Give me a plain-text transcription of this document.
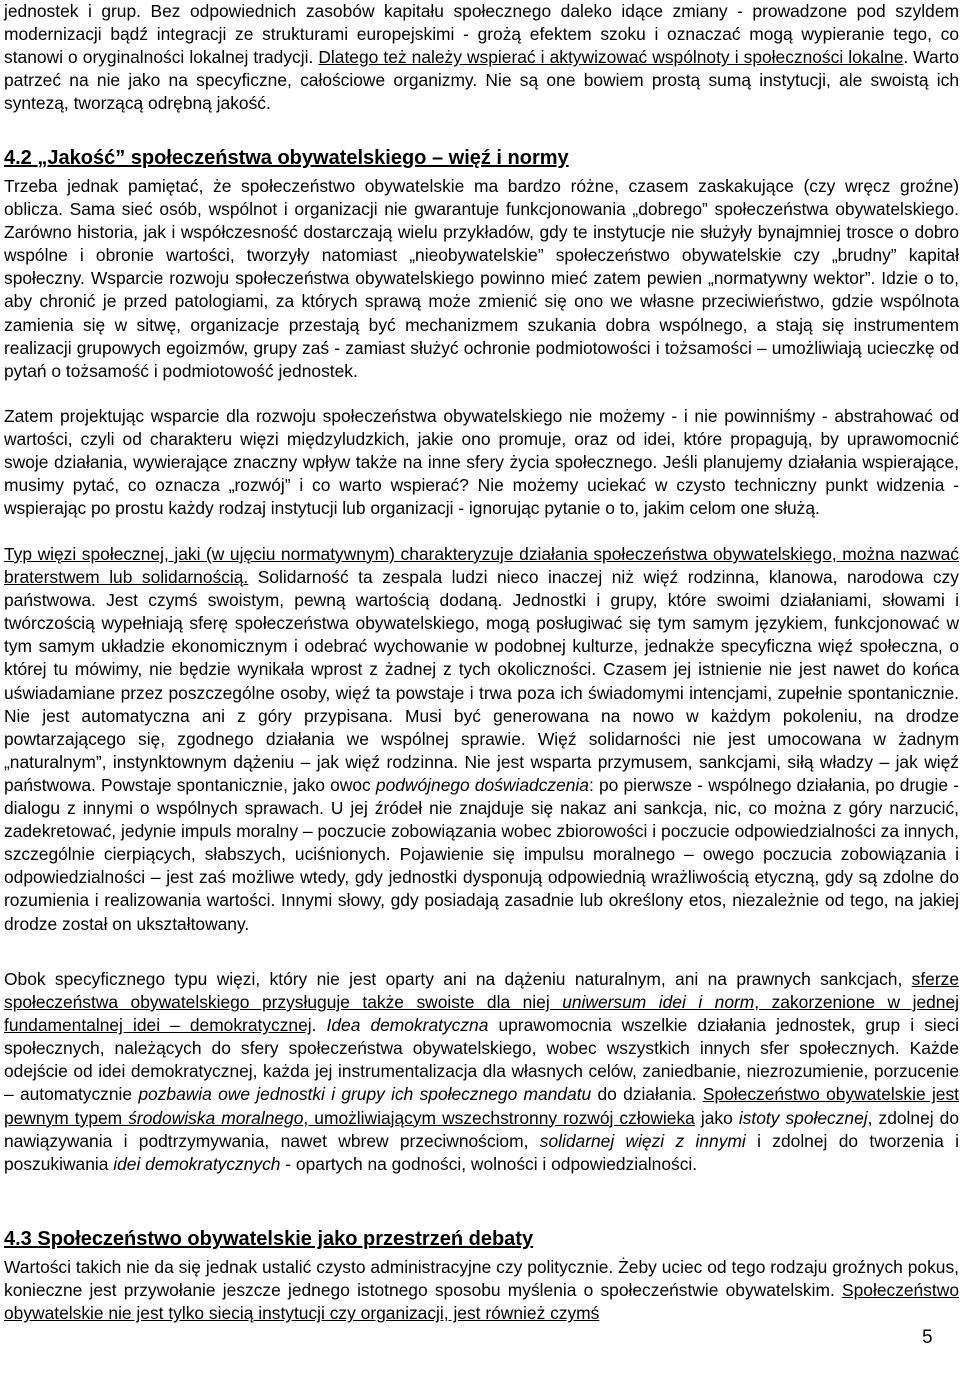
jednostek i grup. Bez odpowiednich zasobów kapitału społecznego daleko idące zmiany - prowadzone pod szyldem modernizacji bądź integracji ze strukturami europejskimi - grożą efektem szoku i oznaczać mogą wypieranie tego, co stanowi o oryginalności lokalnej tradycji. Dlatego też należy wspierać i aktywizować wspólnoty i społeczności lokalne. Warto patrzeć na nie jako na specyficzne, całościowe organizmy. Nie są one bowiem prostą sumą instytucji, ale swoistą ich syntezą, tworzącą odrębną jakość.

4.2 „Jakość” społeczeństwa obywatelskiego – więź i normy

Trzeba jednak pamiętać, że społeczeństwo obywatelskie ma bardzo różne, czasem zaskakujące (czy wręcz groźne) oblicza. Sama sieć osób, wspólnot i organizacji nie gwarantuje funkcjonowania „dobrego” społeczeństwa obywatelskiego. Zarówno historia, jak i współczesność dostarczają wielu przykładów, gdy te instytucje nie służyły bynajmniej trosce o dobro wspólne i obronie wartości, tworzyły natomiast „nieobywatelskie” społeczeństwo obywatelskie czy „brudny” kapitał społeczny. Wsparcie rozwoju społeczeństwa obywatelskiego powinno mieć zatem pewien „normatywny wektor”. Idzie o to, aby chronić je przed patologiami, za których sprawą może zmienić się ono we własne przeciwieństwo, gdzie wspólnota zamienia się w sitwę, organizacje przestają być mechanizmem szukania dobra wspólnego, a stają się instrumentem realizacji grupowych egoizmów, grupy zaś - zamiast służyć ochronie podmiotowości i tożsamości – umożliwiają ucieczkę od pytań o tożsamość i podmiotowość jednostek.

Zatem projektując wsparcie dla rozwoju społeczeństwa obywatelskiego nie możemy - i nie powinniśmy - abstrahować od wartości, czyli od charakteru więzi międzyludzkich, jakie ono promuje, oraz od idei, które propagują, by uprawomocnić swoje działania, wywierające znaczny wpływ także na inne sfery życia społecznego. Jeśli planujemy działania wspierające, musimy pytać, co oznacza „rozwój” i co warto wspierać? Nie możemy uciekać w czysto techniczny punkt widzenia - wspierając po prostu każdy rodzaj instytucji lub organizacji - ignorując pytanie o to, jakim celom one służą.

Typ więzi społecznej, jaki (w ujęciu normatywnym) charakteryzuje działania społeczeństwa obywatelskiego, można nazwać braterstwem lub solidarnością. Solidarność ta zespala ludzi nieco inaczej niż więź rodzinna, klanowa, narodowa czy państwowa. Jest czymś swoistym, pewną wartością dodaną. Jednostki i grupy, które swoimi działaniami, słowami i twórczością wypełniają sferę społeczeństwa obywatelskiego, mogą posługiwać się tym samym językiem, funkcjonować w tym samym układzie ekonomicznym i odebrać wychowanie w podobnej kulturze, jednakże specyficzna więź społeczna, o której tu mówimy, nie będzie wynikała wprost z żadnej z tych okoliczności. Czasem jej istnienie nie jest nawet do końca uświadamiane przez poszczególne osoby, więź ta powstaje i trwa poza ich świadomymi intencjami, zupełnie spontanicznie. Nie jest automatyczna ani z góry przypisana. Musi być generowana na nowo w każdym pokoleniu, na drodze powtarzającego się, zgodnego działania we wspólnej sprawie. Więź solidarności nie jest umocowana w żadnym „naturalnym”, instynktownym dążeniu – jak więź rodzinna. Nie jest wsparta przymusem, sankcjami, siłą władzy – jak więź państwowa. Powstaje spontanicznie, jako owoc podwójnego doświadczenia: po pierwsze - wspólnego działania, po drugie - dialogu z innymi o wspólnych sprawach. U jej źródeł nie znajduje się nakaz ani sankcja, nic, co można z góry narzucić, zadekretować, jedynie impuls moralny – poczucie zobowiązania wobec zbiorowości i poczucie odpowiedzialności za innych, szczególnie cierpiących, słabszych, uciśnionych. Pojawienie się impulsu moralnego – owego poczucia zobowiązania i odpowiedzialności – jest zaś możliwe wtedy, gdy jednostki dysponują odpowiednią wrażliwością etyczną, gdy są zdolne do rozumienia i realizowania wartości. Innymi słowy, gdy posiadają zasadnie lub określony etos, niezależnie od tego, na jakiej drodze został on ukształtowany.

Obok specyficznego typu więzi, który nie jest oparty ani na dążeniu naturalnym, ani na prawnych sankcjach, sferze społeczeństwa obywatelskiego przysługuje także swoiste dla niej uniwersum idei i norm, zakorzenione w jednej fundamentalnej idei – demokratycznej. Idea demokratyczna uprawomocnia wszelkie działania jednostek, grup i sieci społecznych, należących do sfery społeczeństwa obywatelskiego, wobec wszystkich innych sfer społecznych. Każde odejście od idei demokratycznej, każda jej instrumentalizacja dla własnych celów, zaniedbanie, niezrozumienie, porzucenie – automatycznie pozbawia owe jednostki i grupy ich społecznego mandatu do działania. Społeczeństwo obywatelskie jest pewnym typem środowiska moralnego, umożliwiającym wszechstronny rozwój człowieka jako istoty społecznej, zdolnej do nawiązywania i podtrzymywania, nawet wbrew przeciwnościom, solidarnej więzi z innymi i zdolnej do tworzenia i poszukiwania idei demokratycznych - opartych na godności, wolności i odpowiedzialności.

4.3 Społeczeństwo obywatelskie jako przestrzeń debaty

Wartości takich nie da się jednak ustalić czysto administracyjne czy politycznie. Żeby uciec od tego rodzaju groźnych pokus, konieczne jest przywołanie jeszcze jednego istotnego sposobu myślenia o społeczeństwie obywatelskim. Społeczeństwo obywatelskie nie jest tylko siecią instytucji czy organizacji, jest również czymś

5
